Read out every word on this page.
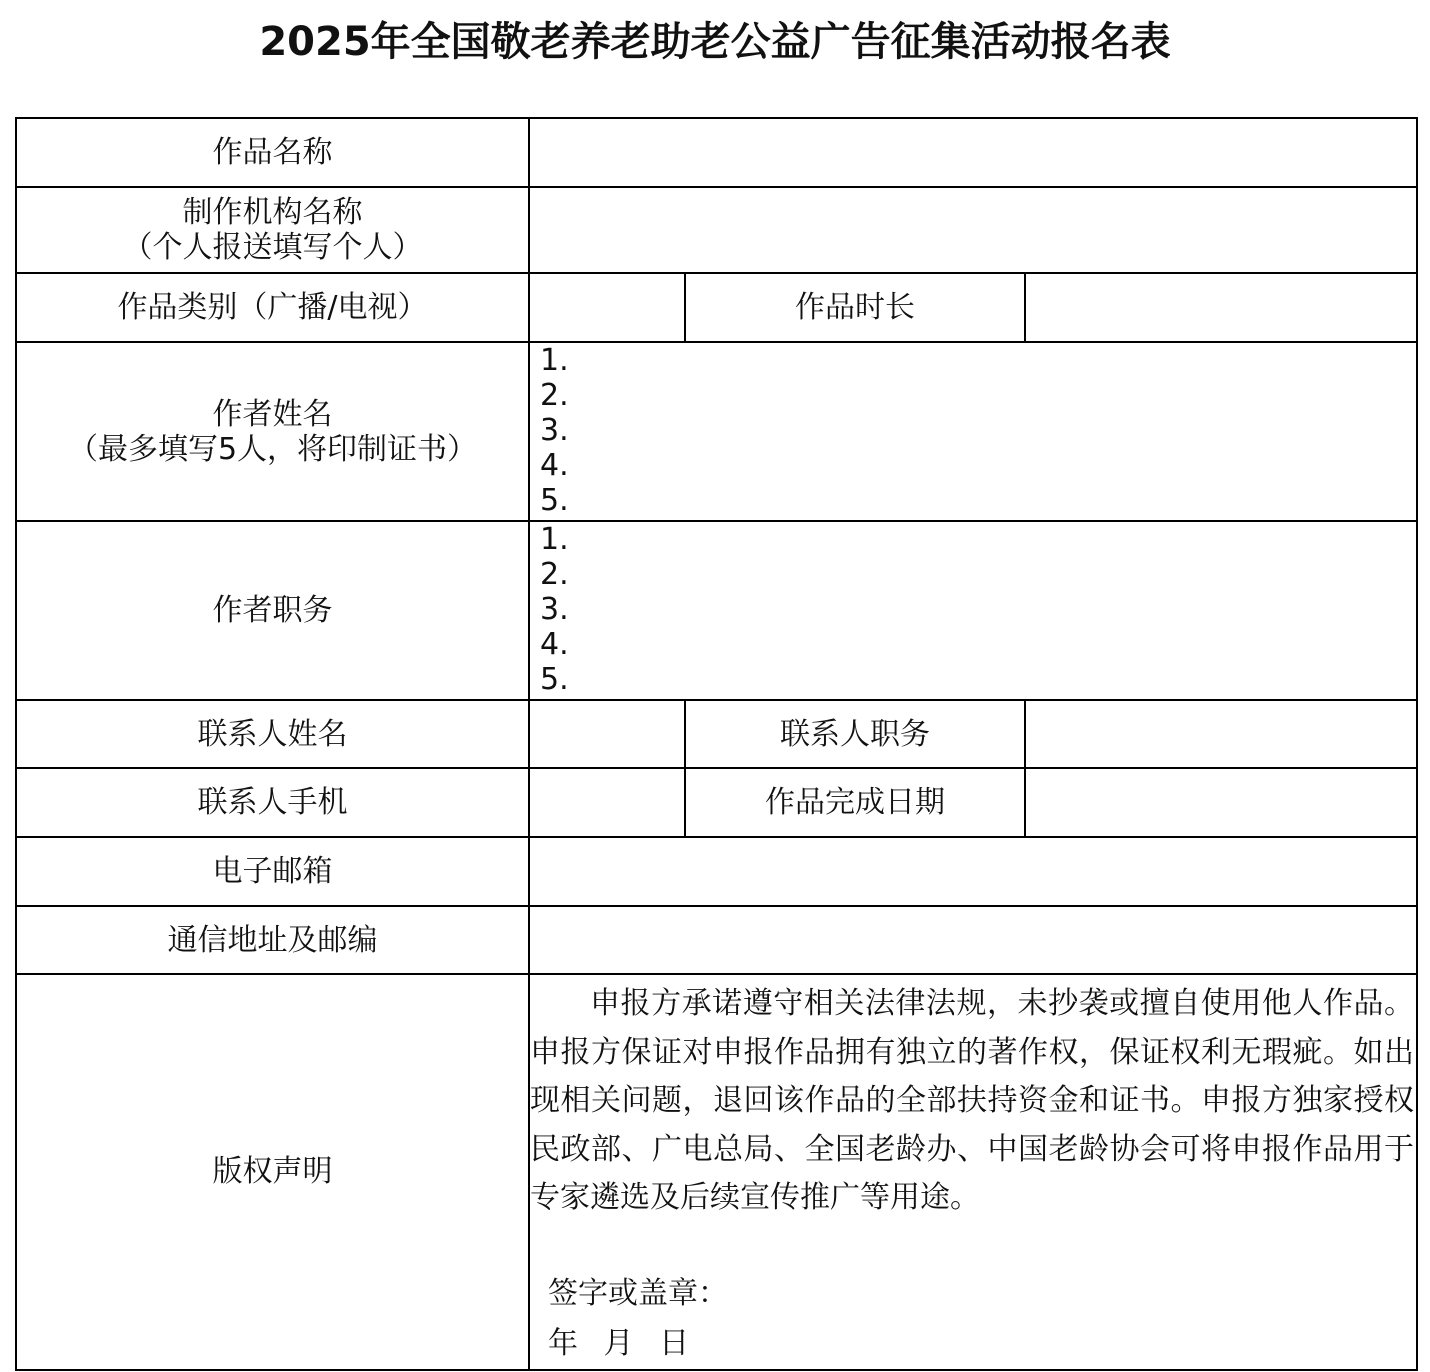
2025年全国敬老养老助老公益广告征集活动报名表
作品名称			

制作机构名称
（个人报送填写个人）			

作品类别（广播/电视）		作品时长	

作者姓名
（最多填写5人，将印制证书）	1.
2.
3.
4.
5.		

作者职务	1.
2.
3.
4.
5.		

联系人姓名		联系人职务	
联系人手机		作品完成日期	
电子邮箱			
通信地址及邮编			
版权声明	申报方承诺遵守相关法律法规，未抄袭或擅自使用他人作品。申报方保证对申报作品拥有独立的著作权，保证权利无瑕疵。如出现相关问题，退回该作品的全部扶持资金和证书。申报方独家授权民政部、广电总局、全国老龄办、中国老龄协会可将申报作品用于专家遴选及后续宣传推广等用途。
签字或盖章：
年 月 日		
